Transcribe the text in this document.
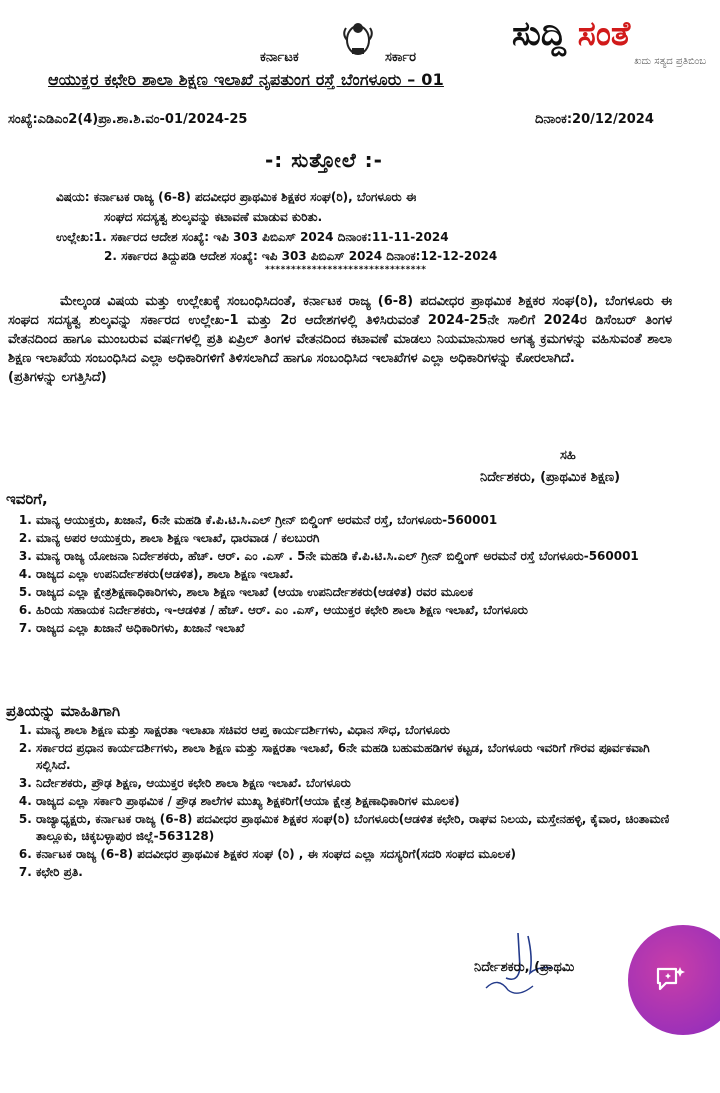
ಕರ್ನಾಟಕ	ಸರ್ಕಾರ
ಆಯುಕ್ತರ ಕಛೇರಿ ಶಾಲಾ ಶಿಕ್ಷಣ ಇಲಾಖೆ ನೃಪತುಂಗ ರಸ್ತೆ ಬೆಂಗಳೂರು – 01
ಸುದ್ದಿ ಸಂತೆ
ಖದು ಸತ್ಯದ ಪ್ರತಿಬಿಂಬ
ಸಂಖ್ಯೆ:ಎಡಿಎಂ2(4)ಪ್ರಾ.ಶಾ.ಶಿ.ವಂ-01/2024-25	ದಿನಾಂಕ:20/12/2024
-: ಸುತ್ತೋಲೆ :-
ವಿಷಯ: ಕರ್ನಾಟಕ ರಾಜ್ಯ (6-8) ಪದವೀಧರ ಪ್ರಾಥಮಿಕ ಶಿಕ್ಷಕರ ಸಂಘ(ರಿ), ಬೆಂಗಳೂರು ಈ
ಸಂಘದ ಸದಸ್ಯತ್ವ ಶುಲ್ಕವನ್ನು ಕಟಾವಣೆ ಮಾಡುವ ಕುರಿತು.
ಉಲ್ಲೇಖ:1. ಸರ್ಕಾರದ ಆದೇಶ ಸಂಖ್ಯೆ: ಇಪಿ 303 ಪಿಬಿಎಸ್ 2024 ದಿನಾಂಕ:11-11-2024
2. ಸರ್ಕಾರದ ತಿದ್ದುಪಡಿ ಆದೇಶ ಸಂಖ್ಯೆ: ಇಪಿ 303 ಪಿಬಿಎಸ್ 2024 ದಿನಾಂಕ:12-12-2024
*******************************

ಮೇಲ್ಕಂಡ ವಿಷಯ ಮತ್ತು ಉಲ್ಲೇಖಕ್ಕೆ ಸಂಬಂಧಿಸಿದಂತೆ, ಕರ್ನಾಟಕ ರಾಜ್ಯ (6-8) ಪದವೀಧರ ಪ್ರಾಥಮಿಕ ಶಿಕ್ಷಕರ ಸಂಘ(ರಿ), ಬೆಂಗಳೂರು ಈ ಸಂಘದ ಸದಸ್ಯತ್ವ ಶುಲ್ಕವನ್ನು ಸರ್ಕಾರದ ಉಲ್ಲೇಖ-1 ಮತ್ತು 2ರ ಆದೇಶಗಳಲ್ಲಿ ತಿಳಿಸಿರುವಂತೆ 2024-25ನೇ ಸಾಲಿಗೆ 2024ರ ಡಿಸೆಂಬರ್ ತಿಂಗಳ ವೇತನದಿಂದ ಹಾಗೂ ಮುಂಬರುವ ವರ್ಷಗಳಲ್ಲಿ ಪ್ರತಿ ಏಪ್ರಿಲ್ ತಿಂಗಳ ವೇತನದಿಂದ ಕಟಾವಣೆ ಮಾಡಲು ನಿಯಮಾನುಸಾರ ಅಗತ್ಯ ಕ್ರಮಗಳನ್ನು ವಹಿಸುವಂತೆ ಶಾಲಾ ಶಿಕ್ಷಣ ಇಲಾಖೆಯ ಸಂಬಂಧಿಸಿದ ಎಲ್ಲಾ ಅಧಿಕಾರಿಗಳಿಗೆ ತಿಳಿಸಲಾಗಿದೆ ಹಾಗೂ ಸಂಬಂಧಿಸಿದ ಇಲಾಖೆಗಳ ಎಲ್ಲಾ ಅಧಿಕಾರಿಗಳನ್ನು ಕೋರಲಾಗಿದೆ.

(ಪ್ರತಿಗಳನ್ನು ಲಗತ್ತಿಸಿದೆ)

ಸಹಿ
ನಿರ್ದೇಶಕರು, (ಪ್ರಾಥಮಿಕ ಶಿಕ್ಷಣ)
ಇವರಿಗೆ,
1. ಮಾನ್ಯ ಆಯುಕ್ತರು, ಖಜಾನೆ, 6ನೇ ಮಹಡಿ ಕೆ.ಪಿ.ಟಿ.ಸಿ.ಎಲ್ ಗ್ರೀನ್ ಬಿಲ್ಡಿಂಗ್ ಅರಮನೆ ರಸ್ತೆ, ಬೆಂಗಳೂರು-560001
2. ಮಾನ್ಯ ಅಪರ ಆಯುಕ್ತರು, ಶಾಲಾ ಶಿಕ್ಷಣ ಇಲಾಖೆ, ಧಾರವಾಡ / ಕಲಬುರಗಿ
3. ಮಾನ್ಯ ರಾಜ್ಯ ಯೋಜನಾ ನಿರ್ದೇಶಕರು, ಹೆಚ್. ಆರ್. ಎಂ .ಎಸ್ . 5ನೇ ಮಹಡಿ ಕೆ.ಪಿ.ಟಿ.ಸಿ.ಎಲ್ ಗ್ರೀನ್ ಬಿಲ್ಡಿಂಗ್ ಅರಮನೆ ರಸ್ತೆ ಬೆಂಗಳೂರು-560001
4. ರಾಜ್ಯದ ಎಲ್ಲಾ ಉಪನಿರ್ದೇಶಕರು(ಆಡಳಿತ), ಶಾಲಾ ಶಿಕ್ಷಣ ಇಲಾಖೆ.
5. ರಾಜ್ಯದ ಎಲ್ಲಾ ಕ್ಷೇತ್ರಶಿಕ್ಷಣಾಧಿಕಾರಿಗಳು, ಶಾಲಾ ಶಿಕ್ಷಣ ಇಲಾಖೆ (ಆಯಾ ಉಪನಿರ್ದೇಶಕರು(ಆಡಳಿತ) ರವರ ಮೂಲಕ
6. ಹಿರಿಯ ಸಹಾಯಕ ನಿರ್ದೇಶಕರು, ಇ-ಆಡಳಿತ / ಹೆಚ್. ಆರ್. ಎಂ .ಎಸ್, ಆಯುಕ್ತರ ಕಛೇರಿ ಶಾಲಾ ಶಿಕ್ಷಣ ಇಲಾಖೆ, ಬೆಂಗಳೂರು
7. ರಾಜ್ಯದ ಎಲ್ಲಾ ಖಜಾನೆ ಅಧಿಕಾರಿಗಳು, ಖಜಾನೆ ಇಲಾಖೆ
ಪ್ರತಿಯನ್ನು ಮಾಹಿತಿಗಾಗಿ
1. ಮಾನ್ಯ ಶಾಲಾ ಶಿಕ್ಷಣ ಮತ್ತು ಸಾಕ್ಷರತಾ ಇಲಾಖಾ ಸಚಿವರ ಆಪ್ತ ಕಾರ್ಯದರ್ಶಿಗಳು, ವಿಧಾನ ಸೌಧ, ಬೆಂಗಳೂರು
2. ಸರ್ಕಾರದ ಪ್ರಧಾನ ಕಾರ್ಯದರ್ಶಿಗಳು, ಶಾಲಾ ಶಿಕ್ಷಣ ಮತ್ತು ಸಾಕ್ಷರತಾ ಇಲಾಖೆ, 6ನೇ ಮಹಡಿ ಬಹುಮಹಡಿಗಳ ಕಟ್ಟಡ, ಬೆಂಗಳೂರು ಇವರಿಗೆ ಗೌರವ ಪೂರ್ವಕವಾಗಿ ಸಲ್ಲಿಸಿದೆ.
3. ನಿರ್ದೇಶಕರು, ಪ್ರೌಢ ಶಿಕ್ಷಣ, ಆಯುಕ್ತರ ಕಛೇರಿ ಶಾಲಾ ಶಿಕ್ಷಣ ಇಲಾಖೆ. ಬೆಂಗಳೂರು
4. ರಾಜ್ಯದ ಎಲ್ಲಾ ಸರ್ಕಾರಿ ಪ್ರಾಥಮಿಕ / ಪ್ರೌಢ ಶಾಲೆಗಳ ಮುಖ್ಯ ಶಿಕ್ಷಕರಿಗೆ(ಆಯಾ ಕ್ಷೇತ್ರ ಶಿಕ್ಷಣಾಧಿಕಾರಿಗಳ ಮೂಲಕ)
5. ರಾಜ್ಯಾಧ್ಯಕ್ಷರು, ಕರ್ನಾಟಕ ರಾಜ್ಯ (6-8) ಪದವೀಧರ ಪ್ರಾಥಮಿಕ ಶಿಕ್ಷಕರ ಸಂಘ(ರಿ) ಬೆಂಗಳೂರು(ಆಡಳಿತ ಕಛೇರಿ, ರಾಘವ ನಿಲಯ, ಮಸ್ತೇನಹಳ್ಳಿ, ಕೈವಾರ, ಚಿಂತಾಮಣಿ ತಾಲ್ಲೂಕು, ಚಿಕ್ಕಬಳ್ಳಾಪುರ ಜಿಲ್ಲೆ-563128)
6. ಕರ್ನಾಟಕ ರಾಜ್ಯ (6-8) ಪದವೀಧರ ಪ್ರಾಥಮಿಕ ಶಿಕ್ಷಕರ ಸಂಘ (ರಿ) , ಈ ಸಂಘದ ಎಲ್ಲಾ ಸದಸ್ಯರಿಗೆ(ಸದರಿ ಸಂಘದ ಮೂಲಕ)
7. ಕಛೇರಿ ಪ್ರತಿ.
ನಿರ್ದೇಶಕರು, (ಪ್ರಾಥಮಿ
